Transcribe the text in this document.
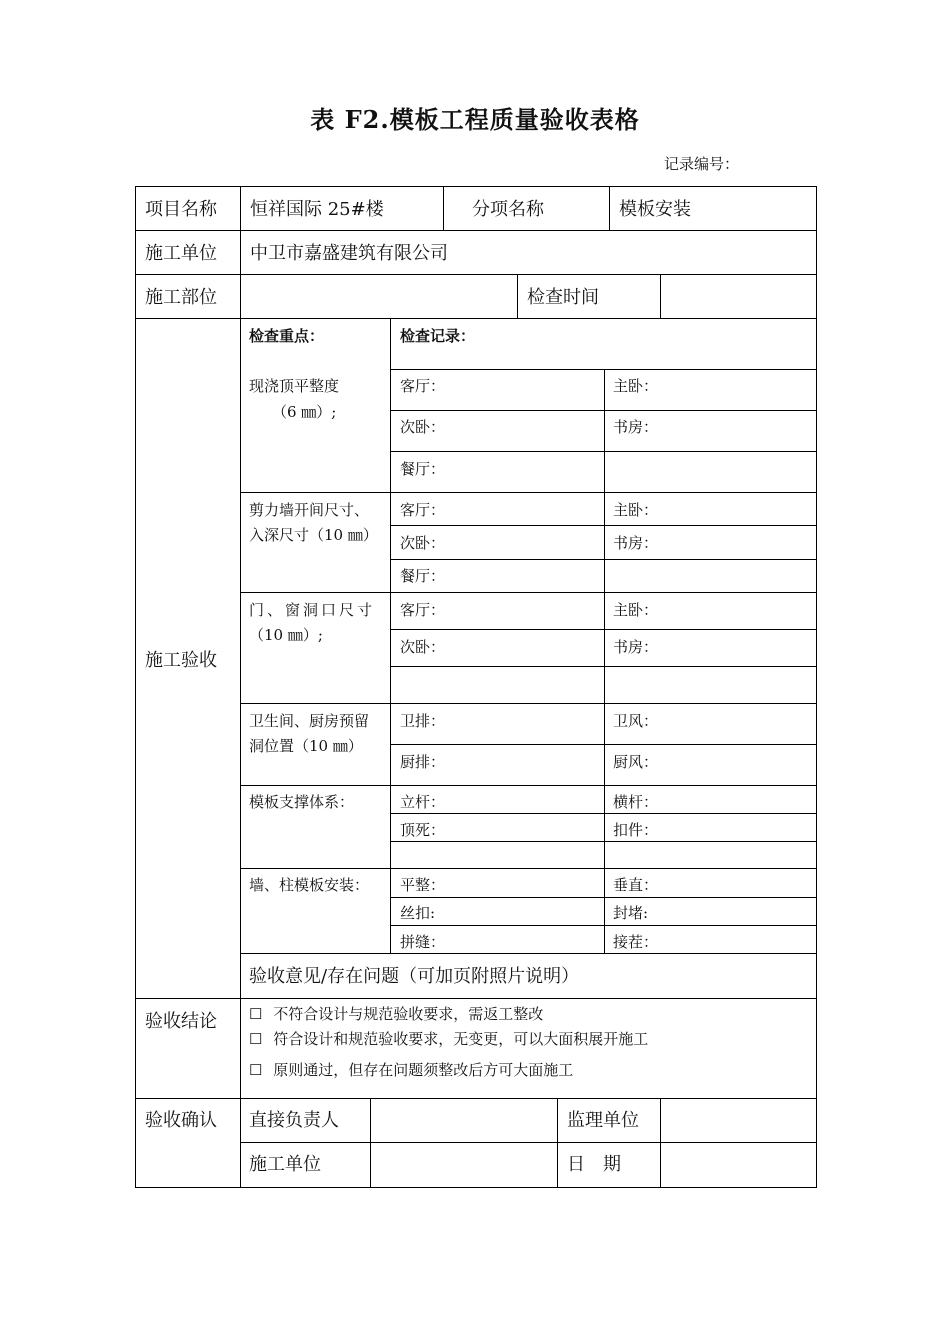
表 F2.模板工程质量验收表格
记录编号：
项目名称 恒祥国际 25#楼	分项名称	模板安装
施工单位 中卫市嘉盛建筑有限公司
施工部位	检查时间
施工验收
检查重点：	检查记录：
现浇顶平整度
（6 ㎜）;
客厅：	主卧：
次卧：	书房：
餐厅：
剪力墙开间尺寸、
入深尺寸（10 ㎜）
客厅：	主卧：
次卧：	书房：
餐厅：
门、窗洞口尺寸
（10 ㎜）;
客厅：	主卧：
次卧：	书房：
卫生间、厨房预留
洞位置（10 ㎜）
卫排：	卫风：
厨排：	厨风：
模板支撑体系：	立杆：	横杆：
顶死：	扣件：
墙、柱模板安装： 平整：	垂直：
丝扣:	封堵:
拼缝：	接茬：
验收意见/存在问题（可加页附照片说明）
验收结论 ☐ 不符合设计与规范验收要求，需返工整改
☐ 符合设计和规范验收要求，无变更，可以大面积展开施工
☐ 原则通过，但存在问题须整改后方可大面施工
验收确认 直接负责人	监理单位
施工单位	日　期
